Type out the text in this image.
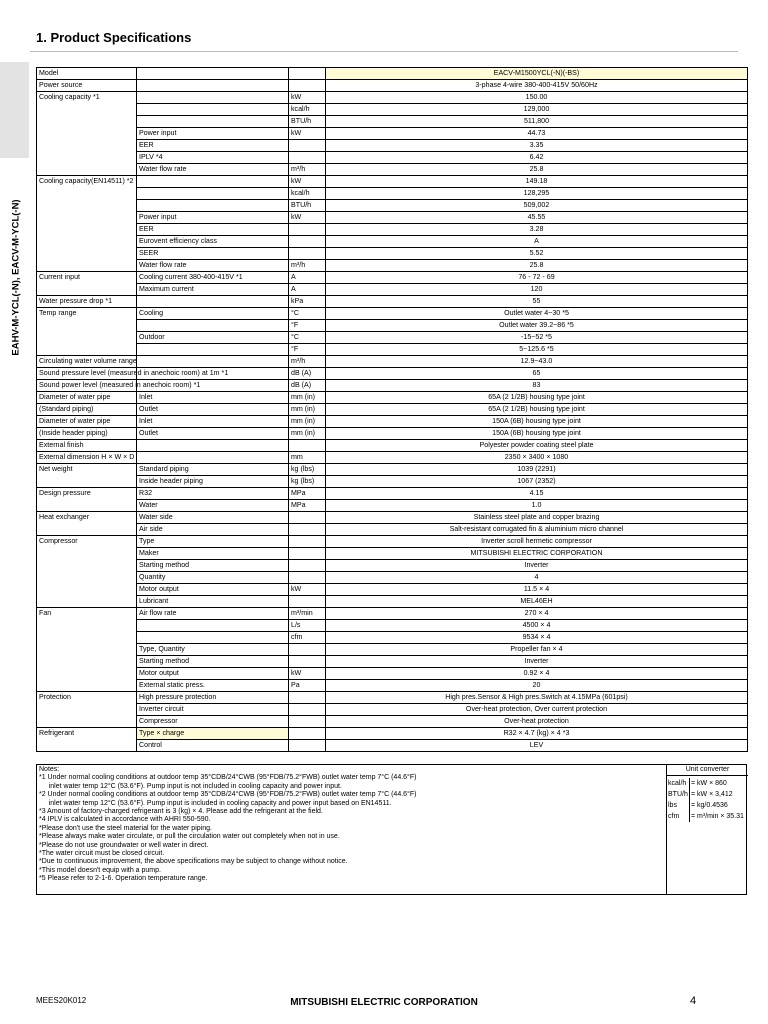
EAHV-M-YCL(-N), EACV-M-YCL(-N)
1. Product Specifications
Model			EACV-M1500YCL(-N)(-BS)
Power source			3-phase 4-wire 380-400-415V 50/60Hz
Cooling capacity *1		kW	150.00
		kcal/h	129,000
		BTU/h	511,800
	Power input	kW	44.73
	EER		3.35
	IPLV *4		6.42
	Water flow rate	m³/h	25.8
Cooling capacity(EN14511) *2		kW	149.18
		kcal/h	128,295
		BTU/h	509,002
	Power input	kW	45.55
	EER		3.28
	Eurovent efficiency class		A
	SEER		5.52
	Water flow rate	m³/h	25.8
Current input	Cooling current 380-400-415V *1	A	76 - 72 - 69
	Maximum current	A	120
Water pressure drop *1		kPa	55
Temp range	Cooling	°C	Outlet water 4~30 *5
		°F	Outlet water 39.2~86 *5
	Outdoor	°C	-15~52 *5
		°F	5~125.6 *5
Circulating water volume range		m³/h	12.9~43.0
Sound pressure level (measured in anechoic room) at 1m *1		dB (A)	65
Sound power level (measured in anechoic room) *1		dB (A)	83
Diameter of water pipe	Inlet	mm (in)	65A (2 1/2B) housing type joint
(Standard piping)	Outlet	mm (in)	65A (2 1/2B) housing type joint
Diameter of water pipe	Inlet	mm (in)	150A (6B) housing type joint
(Inside header piping)	Outlet	mm (in)	150A (6B) housing type joint
External finish			Polyester powder coating steel plate
External dimension H × W × D		mm	2350 × 3400 × 1080
Net weight	Standard piping	kg (lbs)	1039 (2291)
	Inside header piping	kg (lbs)	1067 (2352)
Design pressure	R32	MPa	4.15
	Water	MPa	1.0
Heat exchanger	Water side		Stainless steel plate and copper brazing
	Air side		Salt-resistant corrugated fin & aluminium micro channel
Compressor	Type		Inverter scroll hermetic compressor
	Maker		MITSUBISHI ELECTRIC CORPORATION
	Starting method		Inverter
	Quantity		4
	Motor output	kW	11.5 × 4
	Lubricant		MEL46EH
Fan	Air flow rate	m³/min	270 × 4
		L/s	4500 × 4
		cfm	9534 × 4
	Type, Quantity		Propeller fan × 4
	Starting method		Inverter
	Motor output	kW	0.92 × 4
	External static press.	Pa	20
Protection	High pressure protection		High pres.Sensor & High pres.Switch at 4.15MPa (601psi)
	Inverter circuit		Over-heat protection, Over current protection
	Compressor		Over-heat protection
Refrigerant	Type × charge		R32 × 4.7 (kg) × 4 *3
	Control		LEV
Notes:
*1 Under normal cooling conditions at outdoor temp 35°CDB/24°CWB (95°FDB/75.2°FWB) outlet water temp 7°C (44.6°F)
inlet water temp 12°C (53.6°F). Pump input is not included in cooling capacity and power input.
*2 Under normal cooling conditions at outdoor temp 35°CDB/24°CWB (95°FDB/75.2°FWB) outlet water temp 7°C (44.6°F)
inlet water temp 12°C (53.6°F). Pump input is included in cooling capacity and power input based on EN14511.
*3 Amount of factory-charged refrigerant is 3 (kg) × 4. Please add the refrigerant at the field.
*4 IPLV is calculated in accordance with AHRI 550-590.
*Please don't use the steel material for the water piping.
*Please always make water circulate, or pull the circulation water out completely when not in use.
*Please do not use groundwater or well water in direct.
*The water circuit must be closed circuit.
*Due to continuous improvement, the above specifications may be subject to change without notice.
*This model doesn't equip with a pump.
*5 Please refer to 2-1-6. Operation temperature range.
Unit converter
kcal/h	= kW × 860
BTU/h	= kW × 3,412
lbs	= kg/0.4536
cfm	= m³/min × 35.31
MEES20K012	MITSUBISHI ELECTRIC CORPORATION	4
